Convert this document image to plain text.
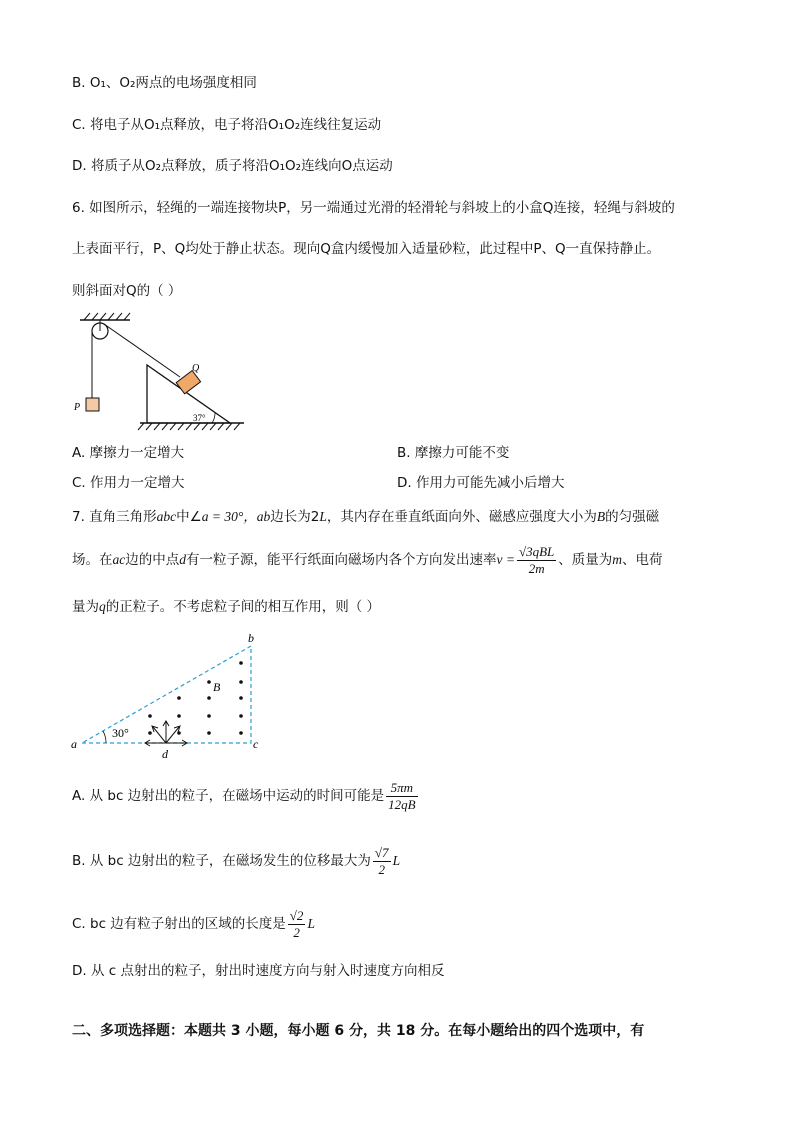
B. O₁、O₂两点的电场强度相同
C. 将电子从O₁点释放，电子将沿O₁O₂连线往复运动
D. 将质子从O₂点释放，质子将沿O₁O₂连线向O点运动
6. 如图所示，轻绳的一端连接物块P，另一端通过光滑的轻滑轮与斜坡上的小盒Q连接，轻绳与斜坡的
上表面平行，P、Q均处于静止状态。现向Q盒内缓慢加入适量砂粒，此过程中P、Q一直保持静止。
则斜面对Q的（ ）
P
Q
37°
A. 摩擦力一定增大	B. 摩擦力可能不变
C. 作用力一定增大	D. 作用力可能先减小后增大
7. 直角三角形abc中∠a = 30°，ab边长为2L，其内存在垂直纸面向外、磁感应强度大小为B的匀强磁
场。在ac边的中点d有一粒子源，能平行纸面向磁场内各个方向发出速率$v = \frac{\text{√3qBL}}{2m}$ 、质量为m、电荷
量为q的正粒子。不考虑粒子间的相互作用，则（ ）
30°
a
b
c
d
B
A. 从 bc 边射出的粒子，在磁场中运动的时间可能是 $\frac{5\pi m}{12qB}$
B. 从 bc 边射出的粒子，在磁场发生的位移最大为 $\frac{√7}{2}$ L
C. bc 边有粒子射出的区域的长度是 $\frac{√2}{2}$ L
D. 从 c 点射出的粒子，射出时速度方向与射入时速度方向相反
二、多项选择题：本题共 3 小题，每小题 6 分，共 18 分。在每小题给出的四个选项中，有
